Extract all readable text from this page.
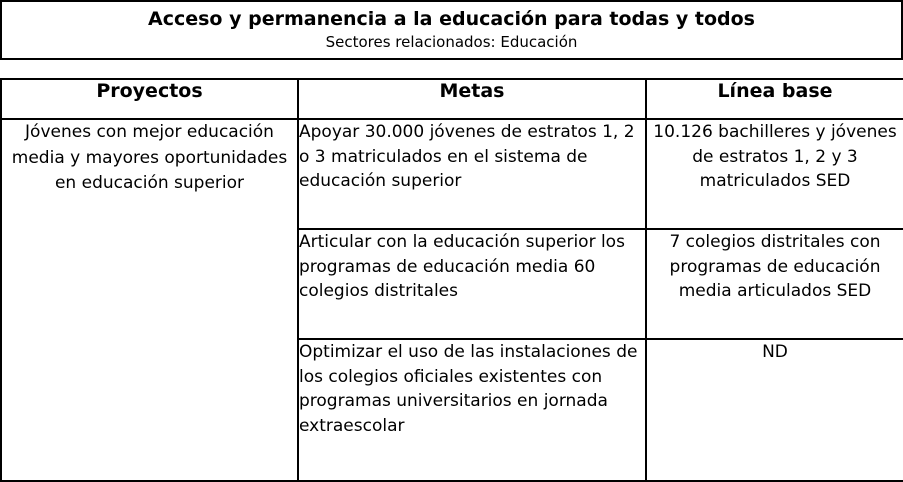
Acceso y permanencia a la educación para todas y todos
Sectores relacionados: Educación
Proyectos	Metas	Línea base
Jóvenes con mejor educación media y mayores oportunidades en educación superior	Apoyar 30.000 jóvenes de estratos 1, 2 o 3 matriculados en el sistema de educación superior	10.126 bachilleres y jóvenes de estratos 1, 2 y 3 matriculados SED
	Articular con la educación superior los programas de educación media 60 colegios distritales	7 colegios distritales con programas de educación media articulados SED
	Optimizar el uso de las instalaciones de los colegios oficiales existentes con programas universitarios en jornada extraescolar	ND
